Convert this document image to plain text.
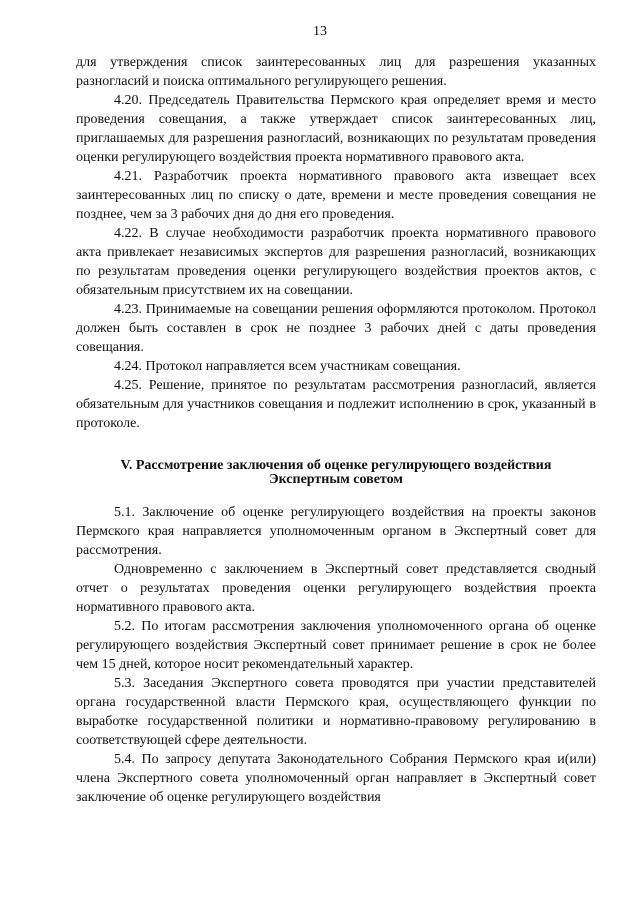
13

для утверждения список заинтересованных лиц для разрешения указанных разногласий и поиска оптимального регулирующего решения.

4.20. Председатель Правительства Пермского края определяет время и место проведения совещания, а также утверждает список заинтересованных лиц, приглашаемых для разрешения разногласий, возникающих по результатам проведения оценки регулирующего воздействия проекта нормативного правового акта.

4.21. Разработчик проекта нормативного правового акта извещает всех заинтересованных лиц по списку о дате, времени и месте проведения совещания не позднее, чем за 3 рабочих дня до дня его проведения.

4.22. В случае необходимости разработчик проекта нормативного правового акта привлекает независимых экспертов для разрешения разногласий, возникающих по результатам проведения оценки регулирующего воздействия проектов актов, с обязательным присутствием их на совещании.

4.23. Принимаемые на совещании решения оформляются протоколом. Протокол должен быть составлен в срок не позднее 3 рабочих дней с даты проведения совещания.

4.24. Протокол направляется всем участникам совещания.

4.25. Решение, принятое по результатам рассмотрения разногласий, является обязательным для участников совещания и подлежит исполнению в срок, указанный в протоколе.

V. Рассмотрение заключения об оценке регулирующего воздействия
Экспертным советом

5.1. Заключение об оценке регулирующего воздействия на проекты законов Пермского края направляется уполномоченным органом в Экспертный совет для рассмотрения.

Одновременно с заключением в Экспертный совет представляется сводный отчет о результатах проведения оценки регулирующего воздействия проекта нормативного правового акта.

5.2. По итогам рассмотрения заключения уполномоченного органа об оценке регулирующего воздействия Экспертный совет принимает решение в срок не более чем 15 дней, которое носит рекомендательный характер.

5.3. Заседания Экспертного совета проводятся при участии представителей органа государственной власти Пермского края, осуществляющего функции по выработке государственной политики и нормативно-правовому регулированию в соответствующей сфере деятельности.

5.4. По запросу депутата Законодательного Собрания Пермского края и(или) члена Экспертного совета уполномоченный орган направляет в Экспертный совет заключение об оценке регулирующего воздействия
